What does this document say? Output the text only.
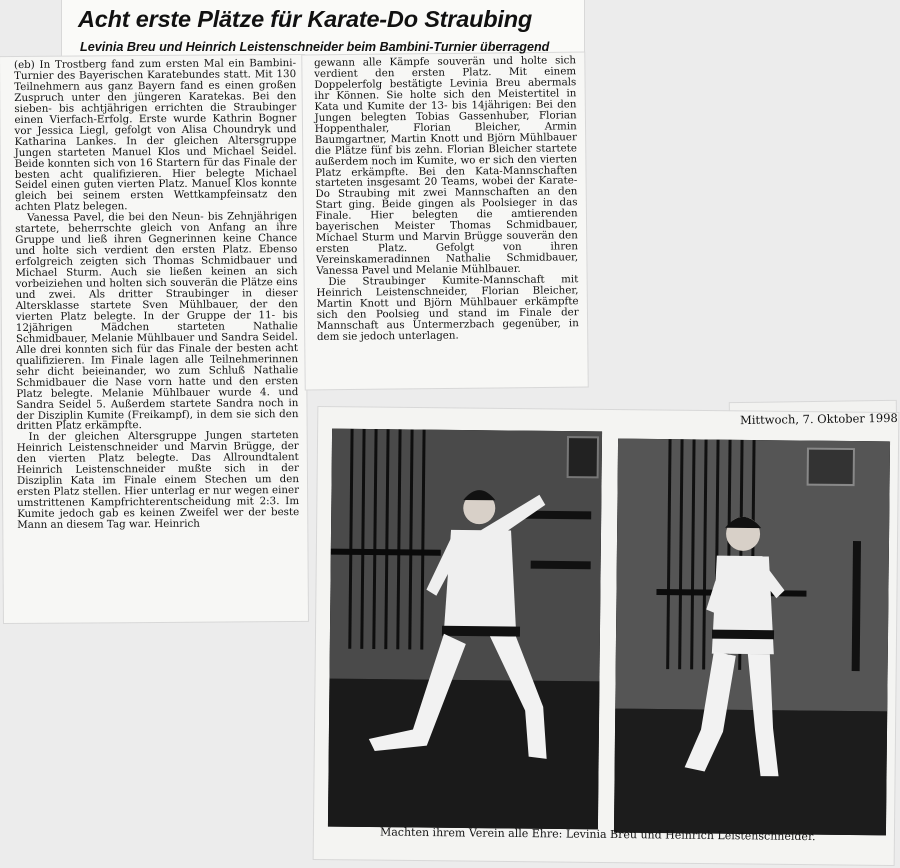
Acht erste Plätze für Karate-Do Straubing
Levinia Breu und Heinrich Leistenschneider beim Bambini-Turnier überragend

(eb) In Trostberg fand zum ersten Mal ein Bambini-Turnier des Bayerischen Karatebundes statt. Mit 130 Teilnehmern aus ganz Bayern fand es einen großen Zuspruch unter den jüngeren Karatekas. Bei den sieben- bis achtjährigen errichten die Straubinger einen Vierfach-Erfolg. Erste wurde Kathrin Bogner vor Jessica Liegl, gefolgt von Alisa Choundryk und Katharina Lankes. In der gleichen Altersgruppe Jungen starteten Manuel Klos und Michael Seidel. Beide konnten sich von 16 Startern für das Finale der besten acht qualifizieren. Hier belegte Michael Seidel einen guten vierten Platz. Manuel Klos konnte gleich bei seinem ersten Wettkampfeinsatz den achten Platz belegen.

Vanessa Pavel, die bei den Neun- bis Zehnjährigen startete, beherrschte gleich von Anfang an ihre Gruppe und ließ ihren Gegnerinnen keine Chance und holte sich verdient den ersten Platz. Ebenso erfolgreich zeigten sich Thomas Schmidbauer und Michael Sturm. Auch sie ließen keinen an sich vorbeiziehen und holten sich souverän die Plätze eins und zwei. Als dritter Straubinger in dieser Altersklasse startete Sven Mühlbauer, der den vierten Platz belegte. In der Gruppe der 11- bis 12jährigen Mädchen starteten Nathalie Schmidbauer, Melanie Mühlbauer und Sandra Seidel. Alle drei konnten sich für das Finale der besten acht qualifizieren. Im Finale lagen alle Teilnehmerinnen sehr dicht beieinander, wo zum Schluß Nathalie Schmidbauer die Nase vorn hatte und den ersten Platz belegte. Melanie Mühlbauer wurde 4. und Sandra Seidel 5. Außerdem startete Sandra noch in der Disziplin Kumite (Freikampf), in dem sie sich den dritten Platz erkämpfte.

In der gleichen Altersgruppe Jungen starteten Heinrich Leistenschneider und Marvin Brügge, der den vierten Platz belegte. Das Allroundtalent Heinrich Leistenschneider mußte sich in der Disziplin Kata im Finale einem Stechen um den ersten Platz stellen. Hier unterlag er nur wegen einer umstrittenen Kampfrichterentscheidung mit 2:3. Im Kumite jedoch gab es keinen Zweifel wer der beste Mann an diesem Tag war. Heinrich

gewann alle Kämpfe souverän und holte sich verdient den ersten Platz. Mit einem Doppelerfolg bestätigte Levinia Breu abermals ihr Können. Sie holte sich den Meistertitel in Kata und Kumite der 13- bis 14jährigen: Bei den Jungen belegten Tobias Gassenhuber, Florian Hoppenthaler, Florian Bleicher, Armin Baumgartner, Martin Knott und Björn Mühlbauer die Plätze fünf bis zehn. Florian Bleicher startete außerdem noch im Kumite, wo er sich den vierten Platz erkämpfte. Bei den Kata-Mannschaften starteten insgesamt 20 Teams, wobei der Karate-Do Straubing mit zwei Mannschaften an den Start ging. Beide gingen als Poolsieger in das Finale. Hier belegten die amtierenden bayerischen Meister Thomas Schmidbauer, Michael Sturm und Marvin Brügge souverän den ersten Platz. Gefolgt von ihren Vereinskameradinnen Nathalie Schmidbauer, Vanessa Pavel und Melanie Mühlbauer.

Die Straubinger Kumite-Mannschaft mit Heinrich Leistenschneider, Florian Bleicher, Martin Knott und Björn Mühlbauer erkämpfte sich den Poolsieg und stand im Finale der Mannschaft aus Untermerzbach gegenüber, in dem sie jedoch unterlagen.

Mittwoch, 7. Oktober 1998

Machten ihrem Verein alle Ehre: Levinia Breu und Heinrich Leistenschneider.
